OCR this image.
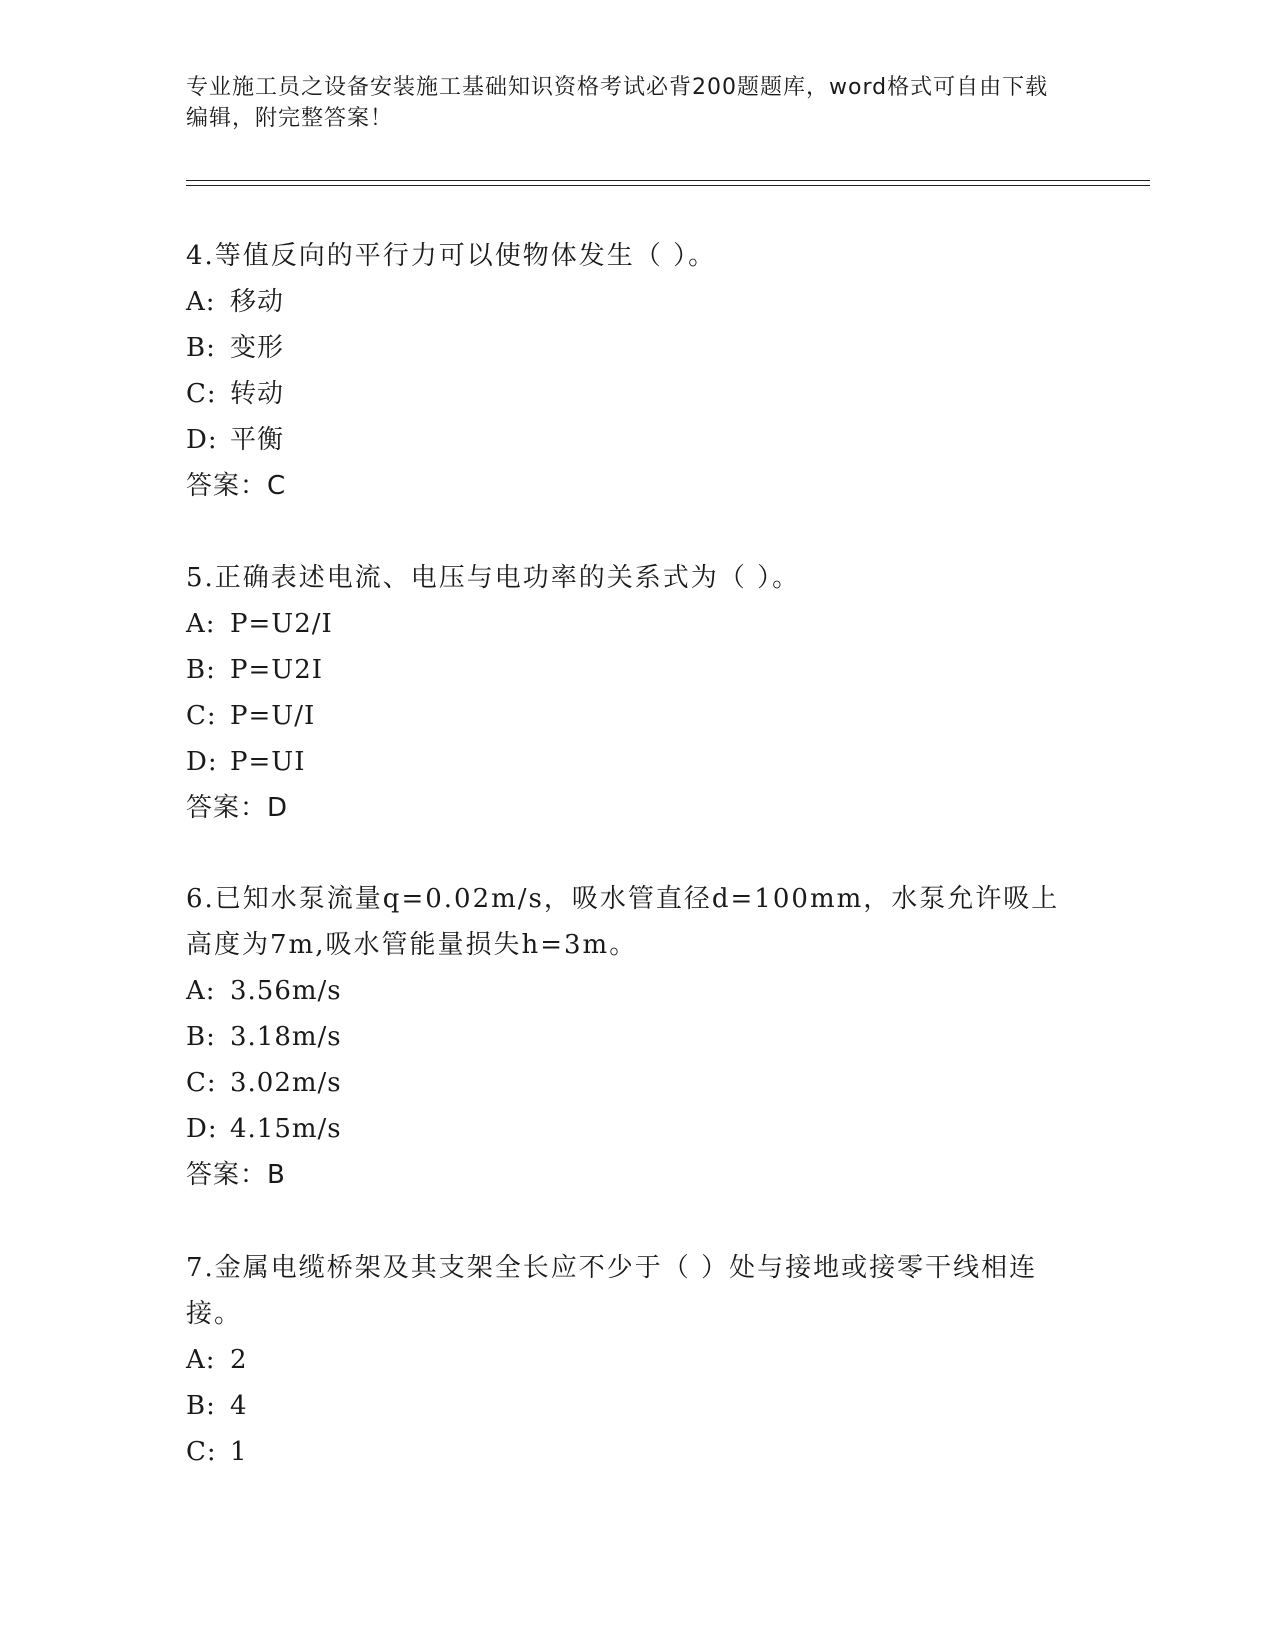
专业施工员之设备安装施工基础知识资格考试必背200题题库，word格式可自由下载编辑，附完整答案！

4.等值反向的平行力可以使物体发生（ ）。

A: 移动
B: 变形
C: 转动
D: 平衡
答案：C

5.正确表述电流、电压与电功率的关系式为（ ）。

A: P=U2/I
B: P=U2I
C: P=U/I
D: P=UI
答案：D

6.已知水泵流量q=0.02m/s，吸水管直径d=100mm，水泵允许吸上高度为7m,吸水管能量损失h=3m。

A: 3.56m/s
B: 3.18m/s
C: 3.02m/s
D: 4.15m/s
答案：B

7.金属电缆桥架及其支架全长应不少于（ ）处与接地或接零干线相连接。

A: 2
B: 4
C: 1
